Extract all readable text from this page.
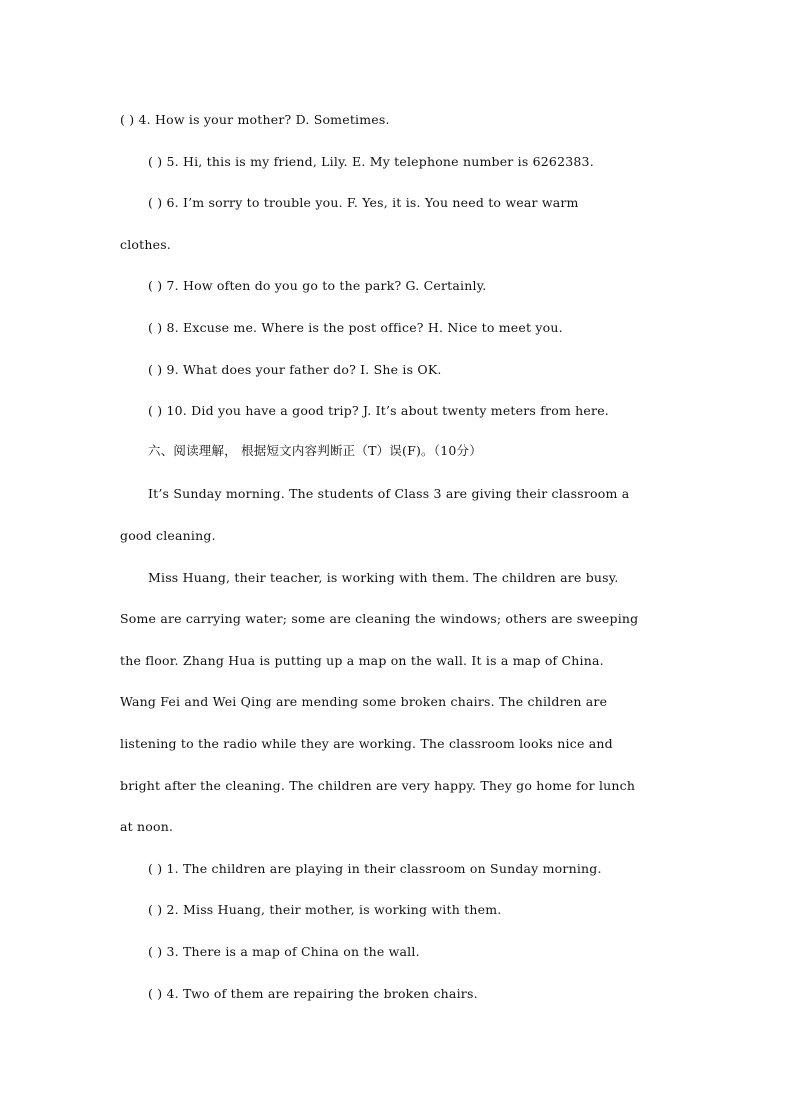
( ) 4. How is your mother? D. Sometimes.
( ) 5. Hi, this is my friend, Lily. E. My telephone number is 6262383.
( ) 6. I’m sorry to trouble you. F. Yes, it is. You need to wear warm
clothes.
( ) 7. How often do you go to the park? G. Certainly.
( ) 8. Excuse me. Where is the post office? H. Nice to meet you.
( ) 9. What does your father do? I. She is OK.
( ) 10. Did you have a good trip? J. It’s about twenty meters from here.
六、阅读理解， 根据短文内容判断正（T）误(F)。（10分）
It’s Sunday morning. The students of Class 3 are giving their classroom a
good cleaning.
Miss Huang, their teacher, is working with them. The children are busy.
Some are carrying water; some are cleaning the windows; others are sweeping
the floor. Zhang Hua is putting up a map on the wall. It is a map of China.
Wang Fei and Wei Qing are mending some broken chairs. The children are
listening to the radio while they are working. The classroom looks nice and
bright after the cleaning. The children are very happy. They go home for lunch
at noon.
( ) 1. The children are playing in their classroom on Sunday morning.
( ) 2. Miss Huang, their mother, is working with them.
( ) 3. There is a map of China on the wall.
( ) 4. Two of them are repairing the broken chairs.
